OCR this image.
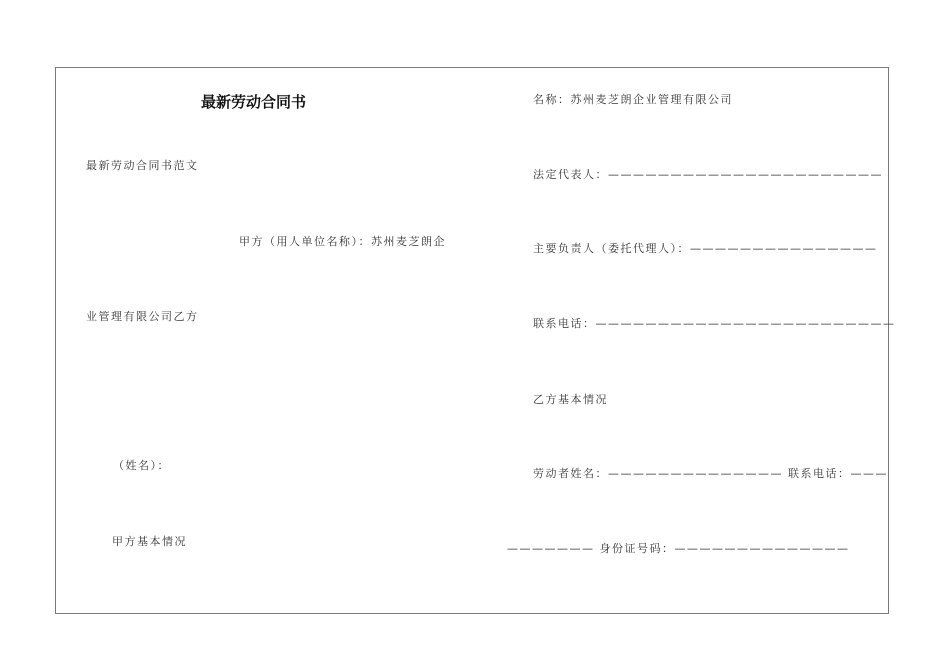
最新劳动合同书
最新劳动合同书范文
甲方（用人单位名称）：苏州麦芝朗企
业管理有限公司乙方
（姓名）：
甲方基本情况
名称：苏州麦芝朗企业管理有限公司
法定代表人：——————————————————————
主要负责人（委托代理人）：———————————————
联系电话：————————————————————————
乙方基本情况
劳动者姓名：—————————————— 联系电话：———
——————— 身份证号码：——————————————
